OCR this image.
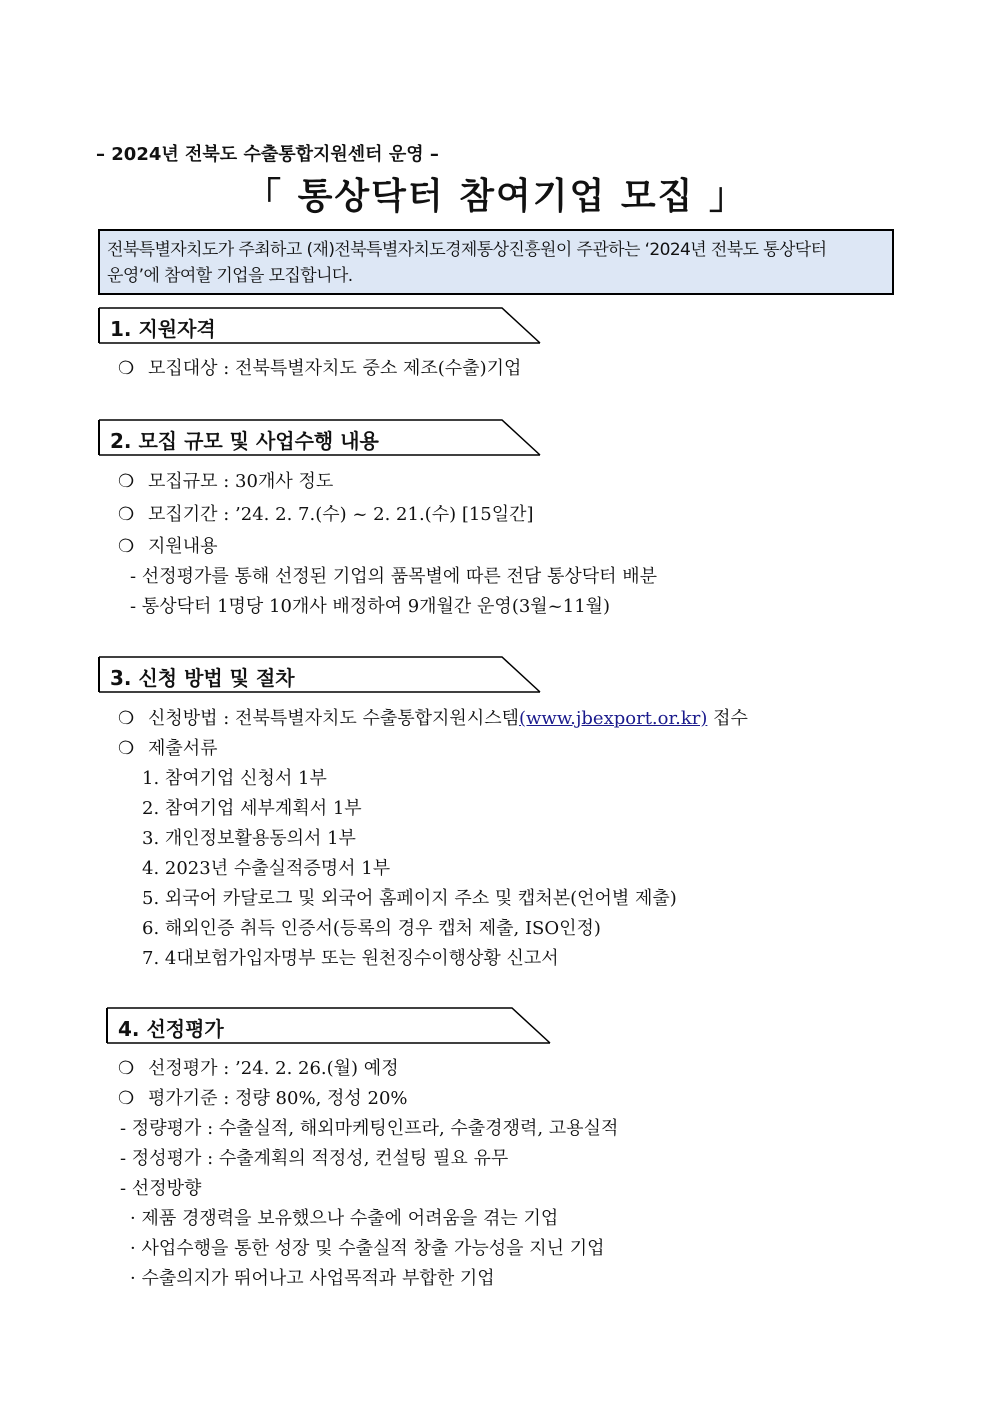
– 2024년 전북도 수출통합지원센터 운영 –
「 통상닥터 참여기업 모집 」
전북특별자치도가 주최하고 (재)전북특별자치도경제통상진흥원이 주관하는 ‘2024년 전북도 통상닥터
운영’에 참여할 기업을 모집합니다.
1. 지원자격
❍ 모집대상 : 전북특별자치도 중소 제조(수출)기업
2. 모집 규모 및 사업수행 내용
❍ 모집규모 : 30개사 정도
❍ 모집기간 : ’24. 2. 7.(수) ~ 2. 21.(수) [15일간]
❍ 지원내용
- 선정평가를 통해 선정된 기업의 품목별에 따른 전담 통상닥터 배분
- 통상닥터 1명당 10개사 배정하여 9개월간 운영(3월~11월)
3. 신청 방법 및 절차
❍ 신청방법 : 전북특별자치도 수출통합지원시스템(www.jbexport.or.kr) 접수
❍ 제출서류
1. 참여기업 신청서 1부
2. 참여기업 세부계획서 1부
3. 개인정보활용동의서 1부
4. 2023년 수출실적증명서 1부
5. 외국어 카달로그 및 외국어 홈페이지 주소 및 캡처본(언어별 제출)
6. 해외인증 취득 인증서(등록의 경우 캡처 제출, ISO인정)
7. 4대보험가입자명부 또는 원천징수이행상황 신고서
4. 선정평가
❍ 선정평가 : ’24. 2. 26.(월) 예정
❍ 평가기준 : 정량 80%, 정성 20%
- 정량평가 : 수출실적, 해외마케팅인프라, 수출경쟁력, 고용실적
- 정성평가 : 수출계획의 적정성, 컨설팅 필요 유무
- 선정방향
· 제품 경쟁력을 보유했으나 수출에 어려움을 겪는 기업
· 사업수행을 통한 성장 및 수출실적 창출 가능성을 지닌 기업
· 수출의지가 뛰어나고 사업목적과 부합한 기업
